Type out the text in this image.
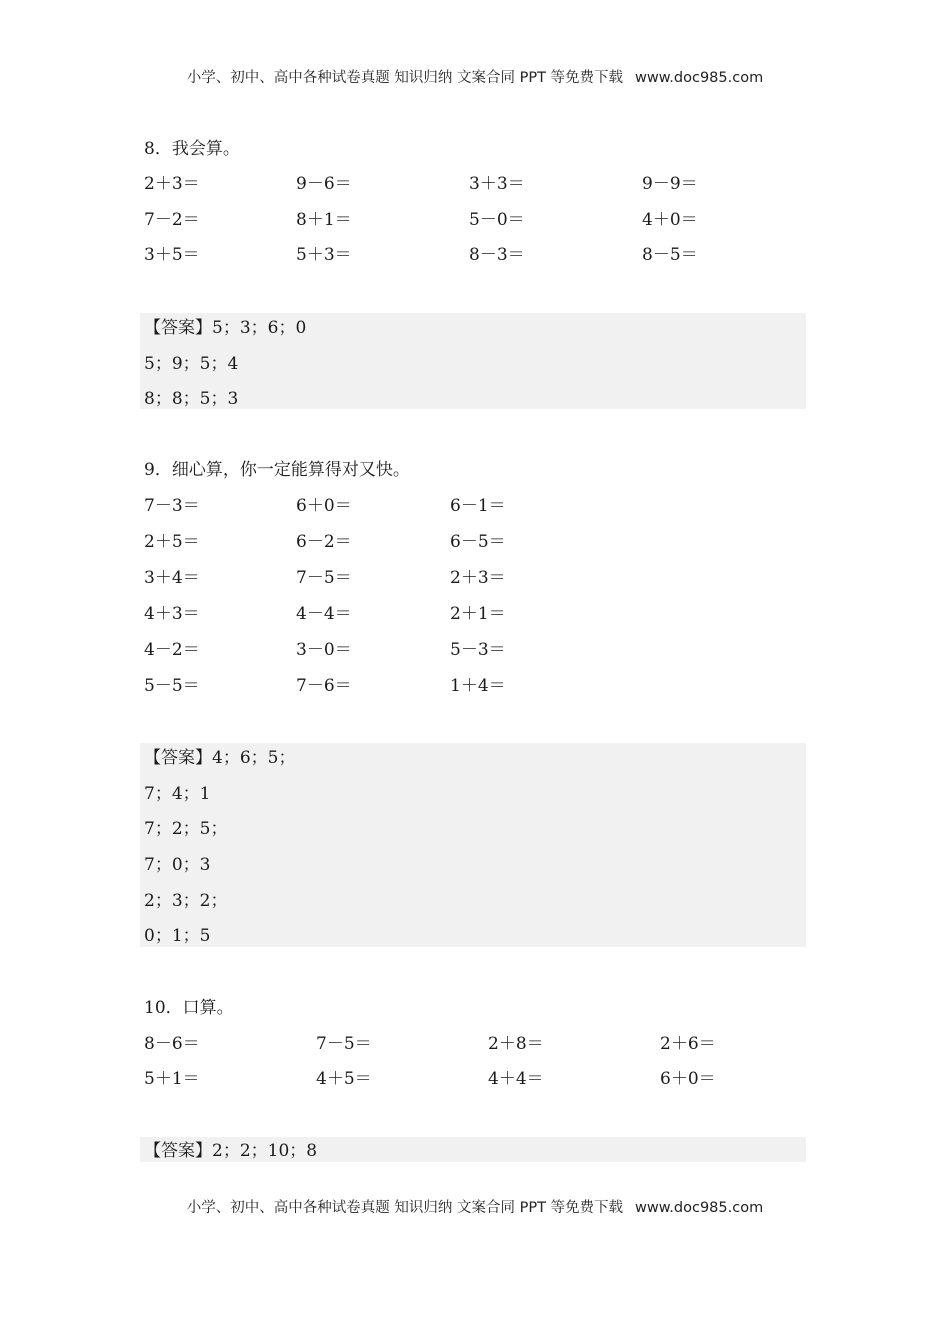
小学、初中、高中各种试卷真题 知识归纳 文案合同 PPT 等免费下载 www.doc985.com
8．我会算。
2＋3＝	9－6＝	3＋3＝	9－9＝
7－2＝	8＋1＝	5－0＝	4＋0＝
3＋5＝	5＋3＝	8－3＝	8－5＝
【答案】5；3；6；0
5；9；5；4
8；8；5；3
9．细心算，你一定能算得对又快。
7－3＝	6＋0＝	6－1＝
2＋5＝	6－2＝	6－5＝
3＋4＝	7－5＝	2＋3＝
4＋3＝	4－4＝	2＋1＝
4－2＝	3－0＝	5－3＝
5－5＝	7－6＝	1＋4＝
【答案】4；6；5；
7；4；1
7；2；5；
7；0；3
2；3；2；
0；1；5
10．口算。
8－6＝	7－5＝	2＋8＝	2＋6＝
5＋1＝	4＋5＝	4＋4＝	6＋0＝
【答案】2；2；10；8
小学、初中、高中各种试卷真题 知识归纳 文案合同 PPT 等免费下载 www.doc985.com
